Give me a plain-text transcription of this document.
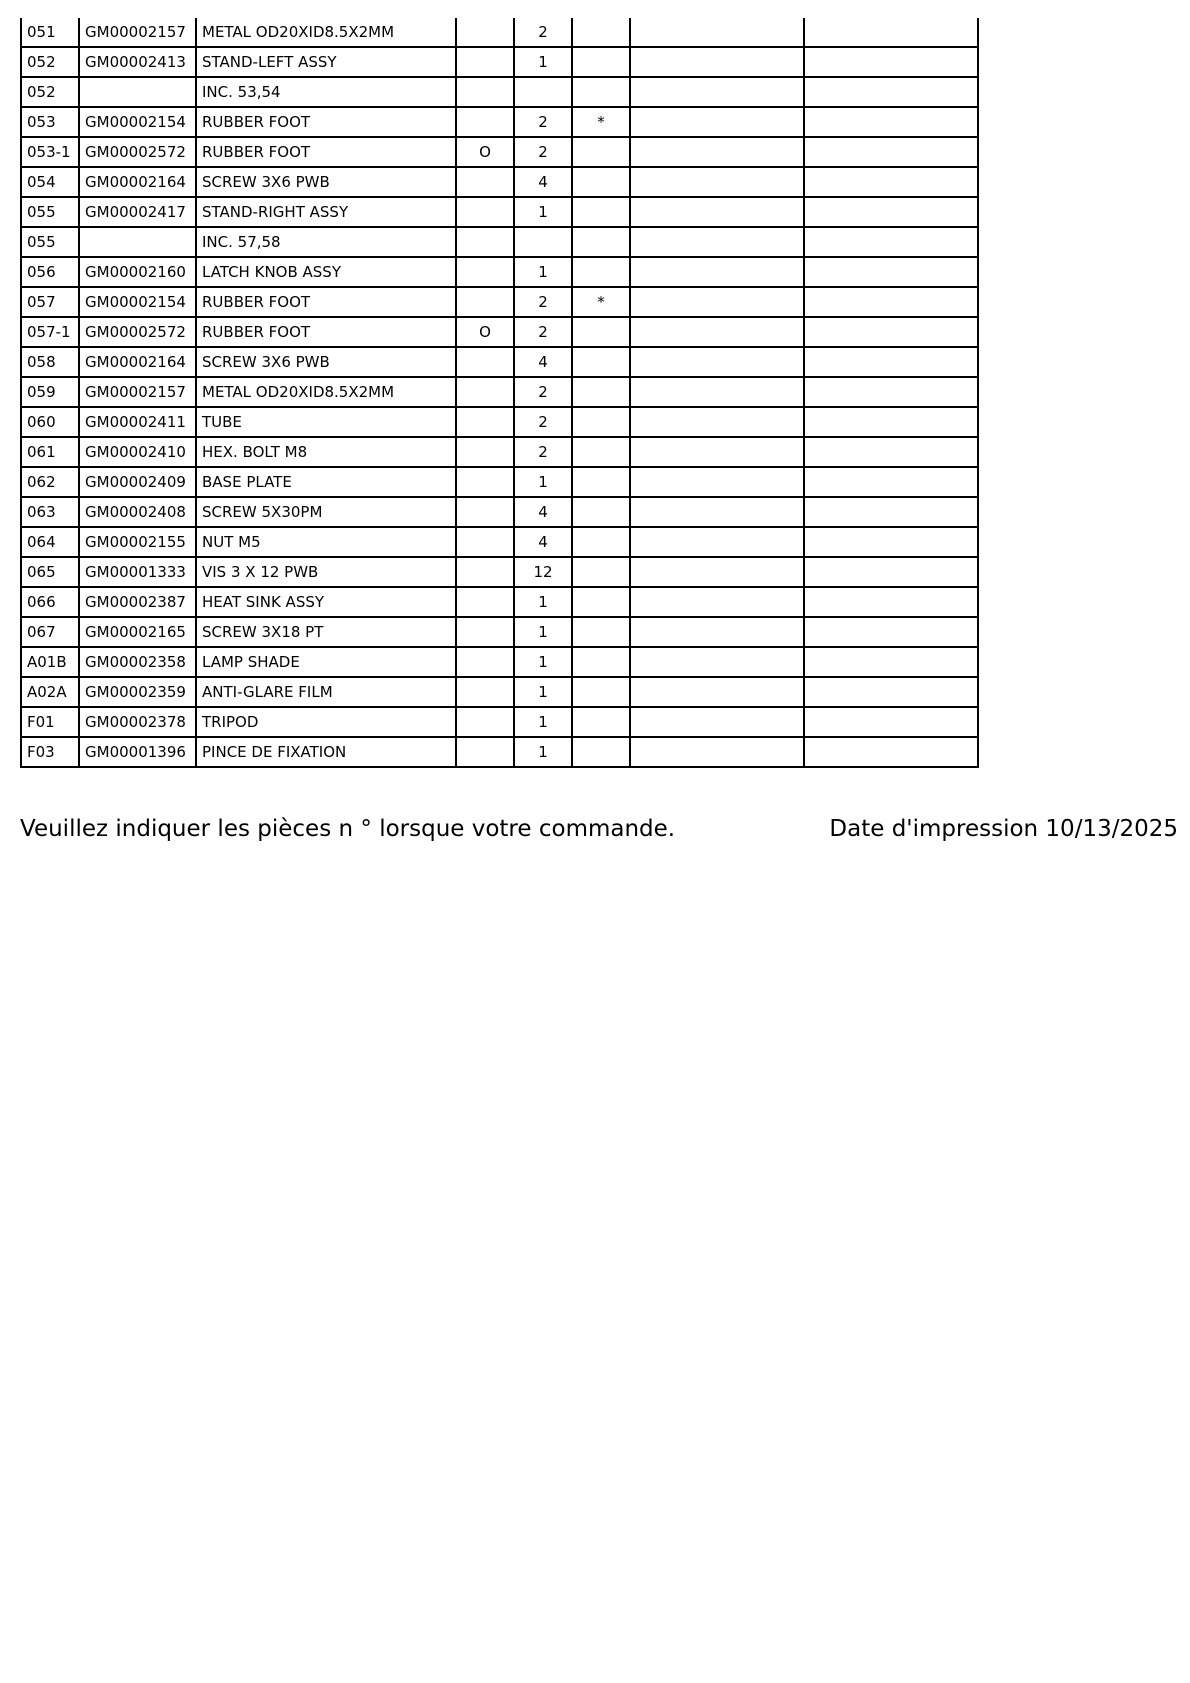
051	GM00002157	METAL OD20XID8.5X2MM		2			
052	GM00002413	STAND-LEFT ASSY		1			
052		INC. 53,54					
053	GM00002154	RUBBER FOOT		2	*		
053-1	GM00002572	RUBBER FOOT	O	2			
054	GM00002164	SCREW 3X6 PWB		4			
055	GM00002417	STAND-RIGHT ASSY		1			
055		INC. 57,58					
056	GM00002160	LATCH KNOB ASSY		1			
057	GM00002154	RUBBER FOOT		2	*		
057-1	GM00002572	RUBBER FOOT	O	2			
058	GM00002164	SCREW 3X6 PWB		4			
059	GM00002157	METAL OD20XID8.5X2MM		2			
060	GM00002411	TUBE		2			
061	GM00002410	HEX. BOLT M8		2			
062	GM00002409	BASE PLATE		1			
063	GM00002408	SCREW 5X30PM		4			
064	GM00002155	NUT M5		4			
065	GM00001333	VIS 3 X 12 PWB		12			
066	GM00002387	HEAT SINK ASSY		1			
067	GM00002165	SCREW 3X18 PT		1			
A01B	GM00002358	LAMP SHADE		1			
A02A	GM00002359	ANTI-GLARE FILM		1			
F01	GM00002378	TRIPOD		1			
F03	GM00001396	PINCE DE FIXATION		1			
Veuillez indiquer les pièces n ° lorsque votre commande.	Date d'impression 10/13/2025
